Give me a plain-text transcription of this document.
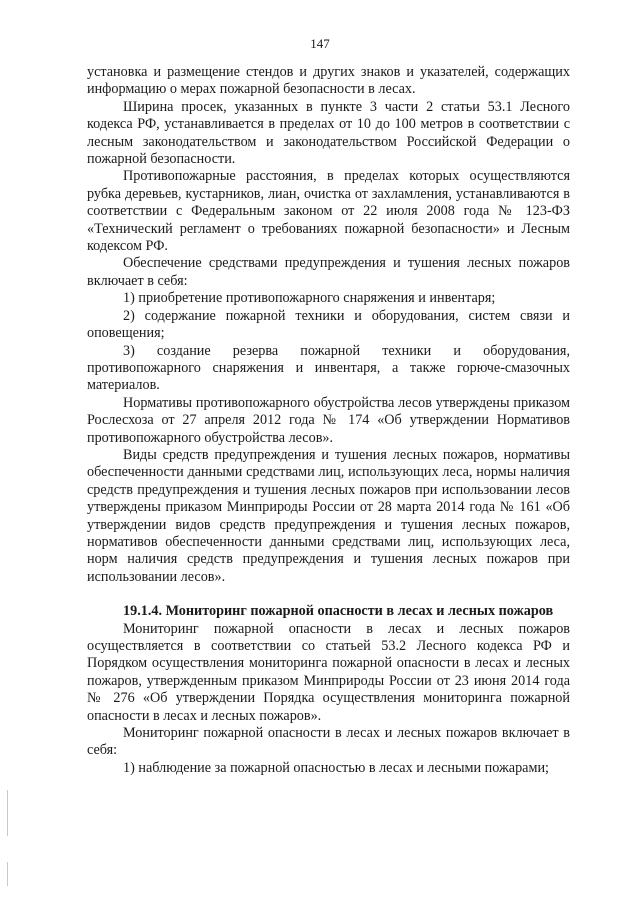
147

установка и размещение стендов и других знаков и указателей, содержащих информацию о мерах пожарной безопасности в лесах.

Ширина просек, указанных в пункте 3 части 2 статьи 53.1 Лесного кодекса РФ, устанавливается в пределах от 10 до 100 метров в соответствии с лесным законодательством и законодательством Российской Федерации о пожарной безопасности.

Противопожарные расстояния, в пределах которых осуществляются рубка деревьев, кустарников, лиан, очистка от захламления, устанавливаются в соответствии с Федеральным законом от 22 июля 2008 года № 123-ФЗ «Технический регламент о требованиях пожарной безопасности» и Лесным кодексом РФ.

Обеспечение средствами предупреждения и тушения лесных пожаров включает в себя:

1) приобретение противопожарного снаряжения и инвентаря;

2) содержание пожарной техники и оборудования, систем связи и оповещения;

3) создание резерва пожарной техники и оборудования, противопожарного снаряжения и инвентаря, а также горюче-смазочных материалов.

Нормативы противопожарного обустройства лесов утверждены приказом Рослесхоза от 27 апреля 2012 года № 174 «Об утверждении Нормативов противопожарного обустройства лесов».

Виды средств предупреждения и тушения лесных пожаров, нормативы обеспеченности данными средствами лиц, использующих леса, нормы наличия средств предупреждения и тушения лесных пожаров при использовании лесов утверждены приказом Минприроды России от 28 марта 2014 года № 161 «Об утверждении видов средств предупреждения и тушения лесных пожаров, нормативов обеспеченности данными средствами лиц, использующих леса, норм наличия средств предупреждения и тушения лесных пожаров при использовании лесов».

19.1.4. Мониторинг пожарной опасности в лесах и лесных пожаров

Мониторинг пожарной опасности в лесах и лесных пожаров осуществляется в соответствии со статьей 53.2 Лесного кодекса РФ и Порядком осуществления мониторинга пожарной опасности в лесах и лесных пожаров, утвержденным приказом Минприроды России от 23 июня 2014 года № 276 «Об утверждении Порядка осуществления мониторинга пожарной опасности в лесах и лесных пожаров».

Мониторинг пожарной опасности в лесах и лесных пожаров включает в себя:

1) наблюдение за пожарной опасностью в лесах и лесными пожарами;
